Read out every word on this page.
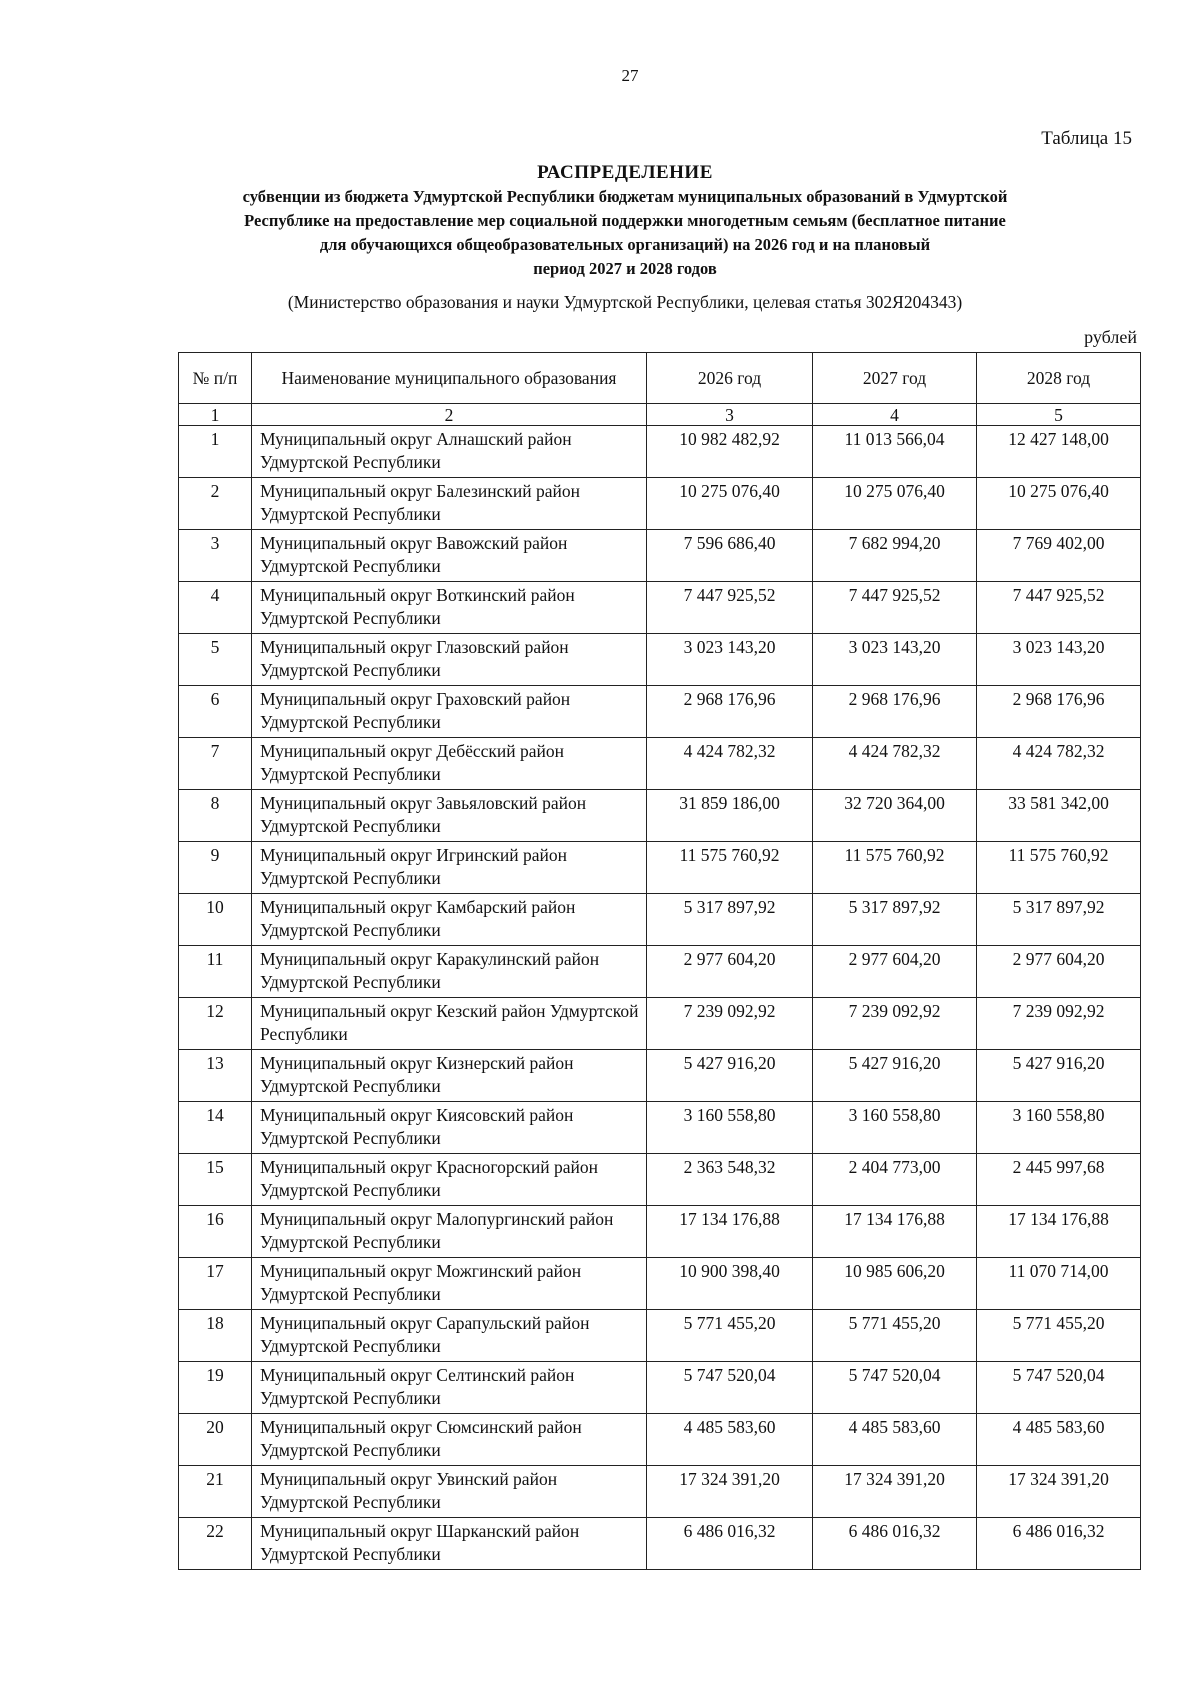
27
Таблица 15
РАСПРЕДЕЛЕНИЕ
субвенции из бюджета Удмуртской Республики бюджетам муниципальных образований в Удмуртской
Республике на предоставление мер социальной поддержки многодетным семьям (бесплатное питание
для обучающихся общеобразовательных организаций) на 2026 год и на плановый
период 2027 и 2028 годов
(Министерство образования и науки Удмуртской Республики, целевая статья 302Я204343)
рублей
№ п/п	Наименование муниципального образования	2026 год	2027 год	2028 год
1	2	3	4	5
1	Муниципальный округ Алнашский район Удмуртской Республики	10 982 482,92	11 013 566,04	12 427 148,00
2	Муниципальный округ Балезинский район Удмуртской Республики	10 275 076,40	10 275 076,40	10 275 076,40
3	Муниципальный округ Вавожский район Удмуртской Республики	7 596 686,40	7 682 994,20	7 769 402,00
4	Муниципальный округ Воткинский район Удмуртской Республики	7 447 925,52	7 447 925,52	7 447 925,52
5	Муниципальный округ Глазовский район Удмуртской Республики	3 023 143,20	3 023 143,20	3 023 143,20
6	Муниципальный округ Граховский район Удмуртской Республики	2 968 176,96	2 968 176,96	2 968 176,96
7	Муниципальный округ Дебёсский район Удмуртской Республики	4 424 782,32	4 424 782,32	4 424 782,32
8	Муниципальный округ Завьяловский район Удмуртской Республики	31 859 186,00	32 720 364,00	33 581 342,00
9	Муниципальный округ Игринский район Удмуртской Республики	11 575 760,92	11 575 760,92	11 575 760,92
10	Муниципальный округ Камбарский район Удмуртской Республики	5 317 897,92	5 317 897,92	5 317 897,92
11	Муниципальный округ Каракулинский район Удмуртской Республики	2 977 604,20	2 977 604,20	2 977 604,20
12	Муниципальный округ Кезский район Удмуртской Республики	7 239 092,92	7 239 092,92	7 239 092,92
13	Муниципальный округ Кизнерский район Удмуртской Республики	5 427 916,20	5 427 916,20	5 427 916,20
14	Муниципальный округ Киясовский район Удмуртской Республики	3 160 558,80	3 160 558,80	3 160 558,80
15	Муниципальный округ Красногорский район Удмуртской Республики	2 363 548,32	2 404 773,00	2 445 997,68
16	Муниципальный округ Малопургинский район Удмуртской Республики	17 134 176,88	17 134 176,88	17 134 176,88
17	Муниципальный округ Можгинский район Удмуртской Республики	10 900 398,40	10 985 606,20	11 070 714,00
18	Муниципальный округ Сарапульский район Удмуртской Республики	5 771 455,20	5 771 455,20	5 771 455,20
19	Муниципальный округ Селтинский район Удмуртской Республики	5 747 520,04	5 747 520,04	5 747 520,04
20	Муниципальный округ Сюмсинский район Удмуртской Республики	4 485 583,60	4 485 583,60	4 485 583,60
21	Муниципальный округ Увинский район Удмуртской Республики	17 324 391,20	17 324 391,20	17 324 391,20
22	Муниципальный округ Шарканский район Удмуртской Республики	6 486 016,32	6 486 016,32	6 486 016,32
